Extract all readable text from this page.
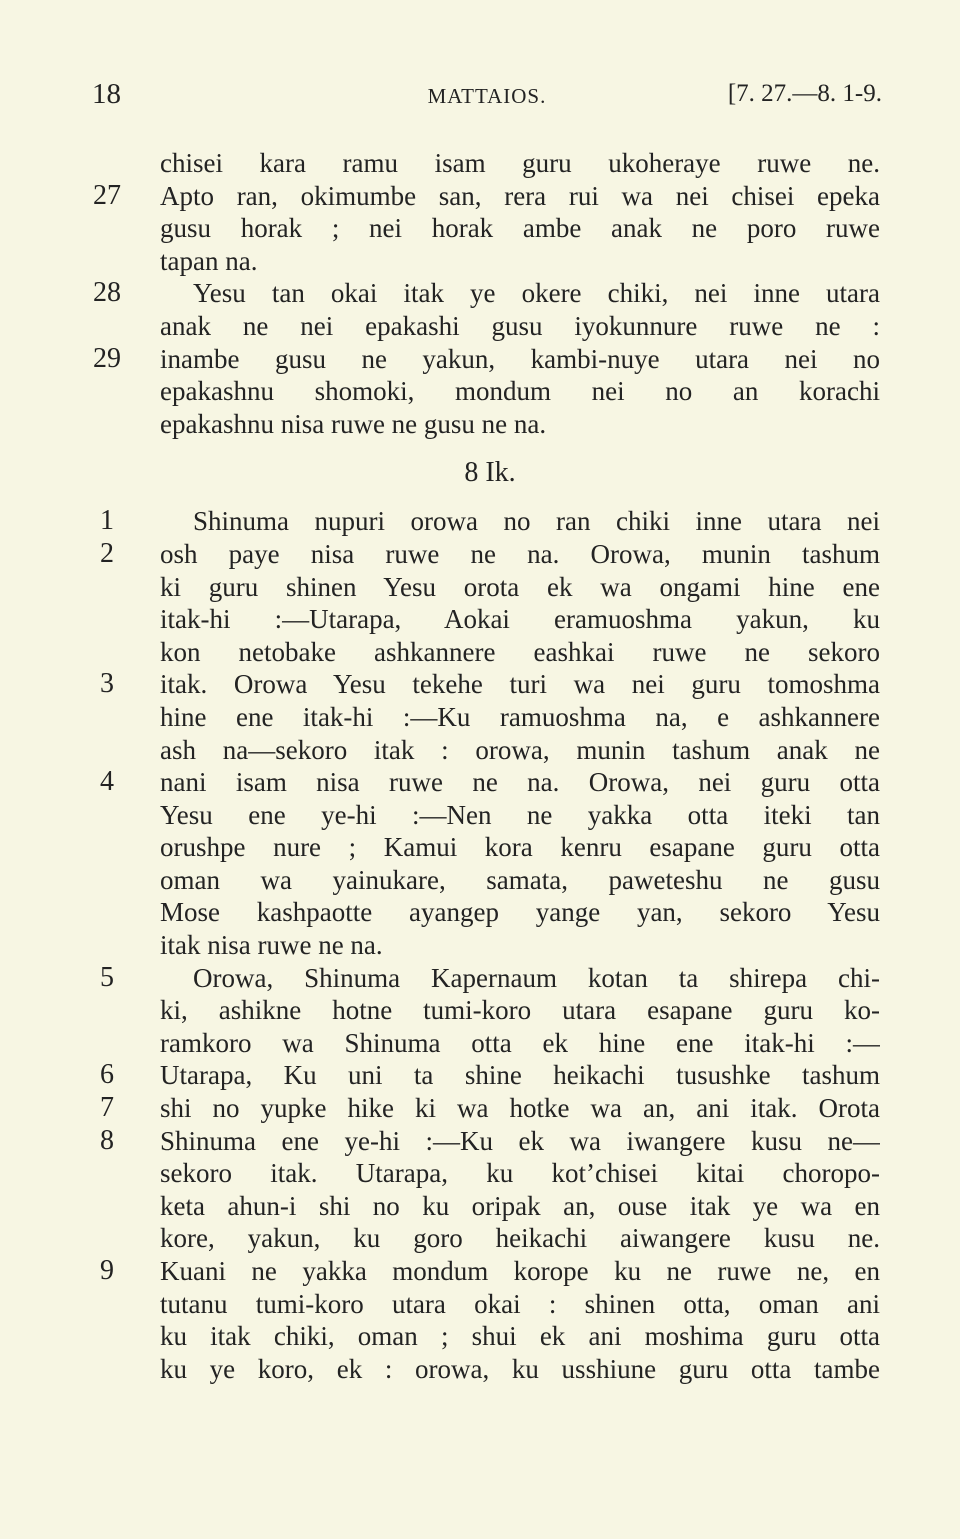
18	MATTAIOS.	[7. 27.—8. 1-9.
chisei kara ramu isam guru ukoheraye ruwe ne.
27	Apto ran, okimumbe san, rera rui wa nei chisei epeka
gusu horak ; nei horak ambe anak ne poro ruwe
tapan na.
28	Yesu tan okai itak ye okere chiki, nei inne utara
anak ne nei epakashi gusu iyokunnure ruwe ne :
29	inambe gusu ne yakun, kambi-nuye utara nei no
epakashnu shomoki, mondum nei no an korachi
epakashnu nisa ruwe ne gusu ne na.
8 Ik.
1	Shinuma nupuri orowa no ran chiki inne utara nei
2	osh paye nisa ruwe ne na. Orowa, munin tashum
ki guru shinen Yesu orota ek wa ongami hine ene
itak-hi :—Utarapa, Aokai eramuoshma yakun, ku
kon netobake ashkannere eashkai ruwe ne sekoro
3	itak. Orowa Yesu tekehe turi wa nei guru tomoshma
hine ene itak-hi :—Ku ramuoshma na, e ashkannere
ash na—sekoro itak : orowa, munin tashum anak ne
4	nani isam nisa ruwe ne na. Orowa, nei guru otta
Yesu ene ye-hi :—Nen ne yakka otta iteki tan
orushpe nure ; Kamui kora kenru esapane guru otta
oman wa yainukare, samata, paweteshu ne gusu
Mose kashpaotte ayangep yange yan, sekoro Yesu
itak nisa ruwe ne na.
5	Orowa, Shinuma Kapernaum kotan ta shirepa chi-
ki, ashikne hotne tumi-koro utara esapane guru ko-
ramkoro wa Shinuma otta ek hine ene itak-hi :—
6	Utarapa, Ku uni ta shine heikachi tusushke tashum
7	shi no yupke hike ki wa hotke wa an, ani itak. Orota
8	Shinuma ene ye-hi :—Ku ek wa iwangere kusu ne—
sekoro itak. Utarapa, ku kot’chisei kitai choropo-
keta ahun-i shi no ku oripak an, ouse itak ye wa en
kore, yakun, ku goro heikachi aiwangere kusu ne.
9	Kuani ne yakka mondum korope ku ne ruwe ne, en
tutanu tumi-koro utara okai : shinen otta, oman ani
ku itak chiki, oman ; shui ek ani moshima guru otta
ku ye koro, ek : orowa, ku usshiune guru otta tambe
